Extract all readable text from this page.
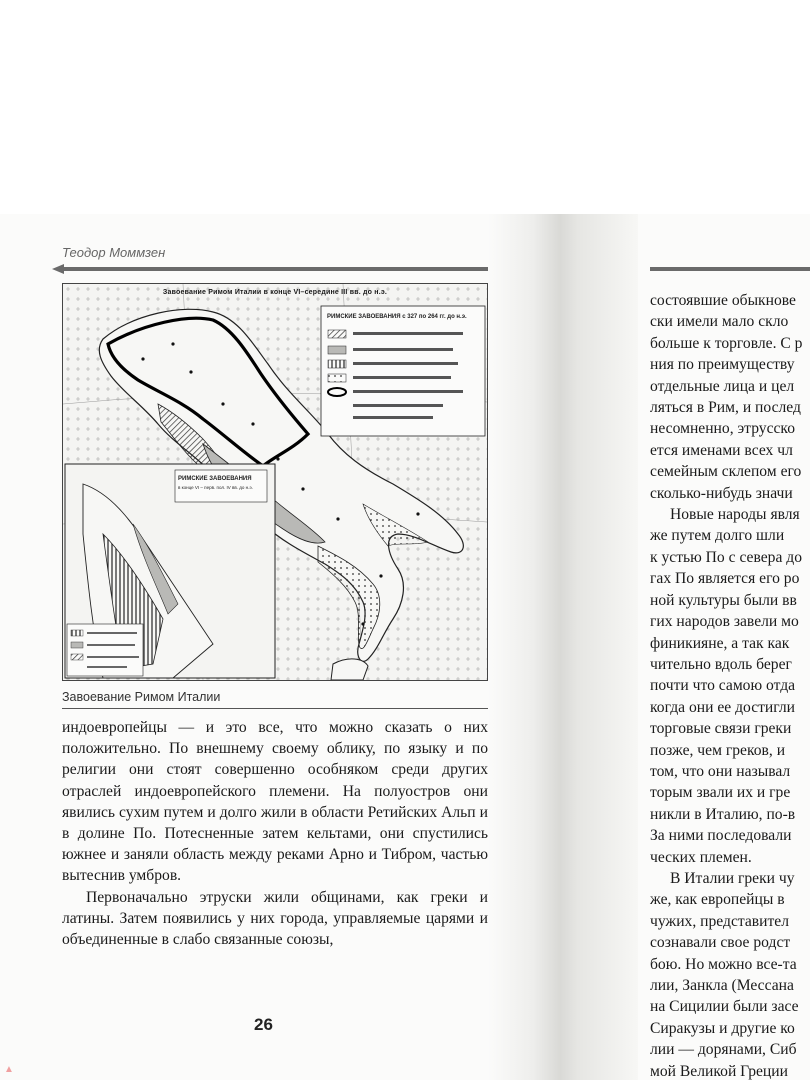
Теодор Моммзен
РИМСКИЕ ЗАВОЕВАНИЯ с 327 по 264 гг. до н.э.
РИМСКИЕ ЗАВОЕВАНИЯ
в конце VI – перв. пол. IV вв. до н.э.
Завоевание Римом Италии в конце VI–середине III вв. до н.э.
Завоевание Римом Италии

индоевропейцы — и это все, что можно сказать о них положительно. По внешнему своему облику, по языку и по религии они стоят совершенно особняком среди других отраслей индоевропейского племени. На полуостров они явились сухим путем и долго жили в области Ретийских Альп и в долине По. Потесненные затем кельтами, они спустились южнее и заняли область между реками Арно и Тибром, частью вытеснив умбров.

Первоначально этруски жили общинами, как греки и латины. Затем появились у них города, управляемые царями и объединенные в слабо связанные союзы,

26
состоявшие обыкнове
ски имели мало скло
больше к торговле. С р
ния по преимуществу
отдельные лица и цел
ляться в Рим, и послед
несомненно, этрусско
ется именами всех чл
семейным склепом его
сколько-нибудь значи
Новые народы явля
же путем долго шли
к устью По с севера до
гах По является его ро
ной культуры были вв
гих народов завели мо
финикияне, а так как
чительно вдоль берег
почти что самою отда
когда они ее достигли
торговые связи греки
позже, чем греков, и
том, что они называл
торым звали их и гре
никли в Италию, по-в
За ними последовали
ческих племен.
В Италии греки чу
же, как европейцы в
чужих, представител
сознавали свое родст
бою. Но можно все-та
лии, Занкла (Мессана
на Сицилии были засе
Сиракузы и другие ко
лии — дорянами, Сиб
мой Великой Греции
▲
